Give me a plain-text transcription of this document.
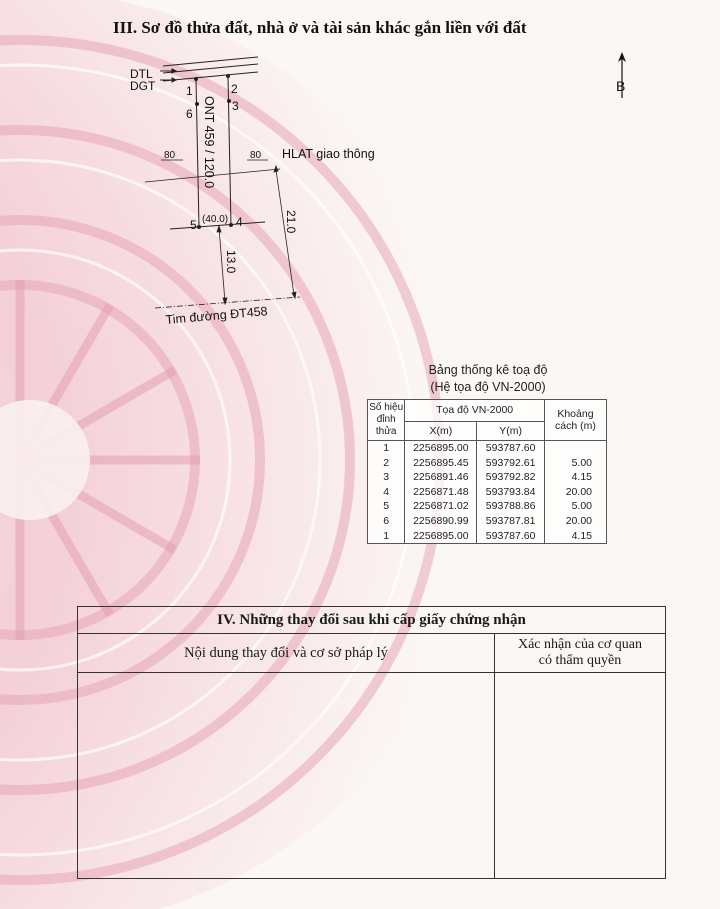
III. Sơ đồ thửa đất, nhà ở và tài sản khác gắn liền với đất
DTL
DGT	1	2
3
4
5
6 ONT 459 / 120.0
80	80 HLAT giao thông
(40.0)	21.0
13.0
Tim đường ĐT458
B
Bảng thống kê toạ độ
(Hệ tọa độ VN-2000)
Số hiệu đỉnh thửa	Tọa độ VN-2000		Khoảng cách (m)
	X(m)	Y(m)	
1	2256895.00	593787.60	
2	2256895.45	593792.61	5.00
3	2256891.46	593792.82	4.15
4	2256871.48	593793.84	20.00
5	2256871.02	593788.86	5.00
6	2256890.99	593787.81	20.00
1	2256895.00	593787.60	4.15
IV. Những thay đổi sau khi cấp giấy chứng nhận
Nội dung thay đổi và cơ sở pháp lý
Xác nhận của cơ quan
có thẩm quyền
